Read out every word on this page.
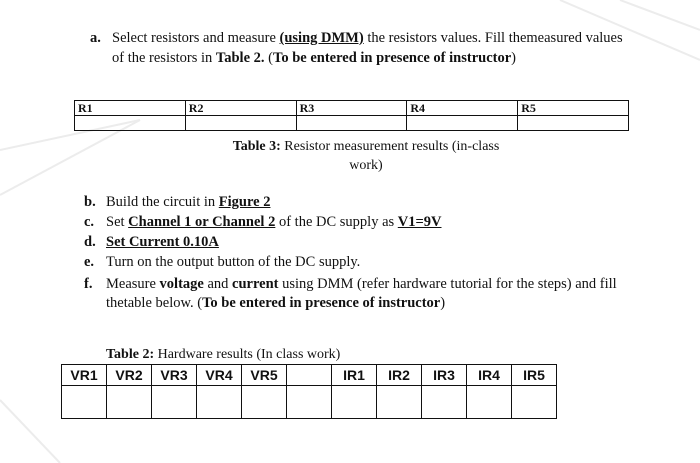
a. Select resistors and measure (using DMM) the resistors values. Fill themeasured values
of the resistors in Table 2. (To be entered in presence of instructor)
R1	R2	R3	R4	R5

Table 3: Resistor measurement results (in-class
work)
b. Build the circuit in Figure 2
c. Set Channel 1 or Channel 2 of the DC supply as V1=9V
d. Set Current 0.10A
e. Turn on the output button of the DC supply.
f. Measure voltage and current using DMM (refer hardware tutorial for the steps) and fill
thetable below. (To be entered in presence of instructor)
Table 2: Hardware results (In class work)
VR1	VR2	VR3	VR4	VR5		IR1	IR2	IR3	IR4	IR5
